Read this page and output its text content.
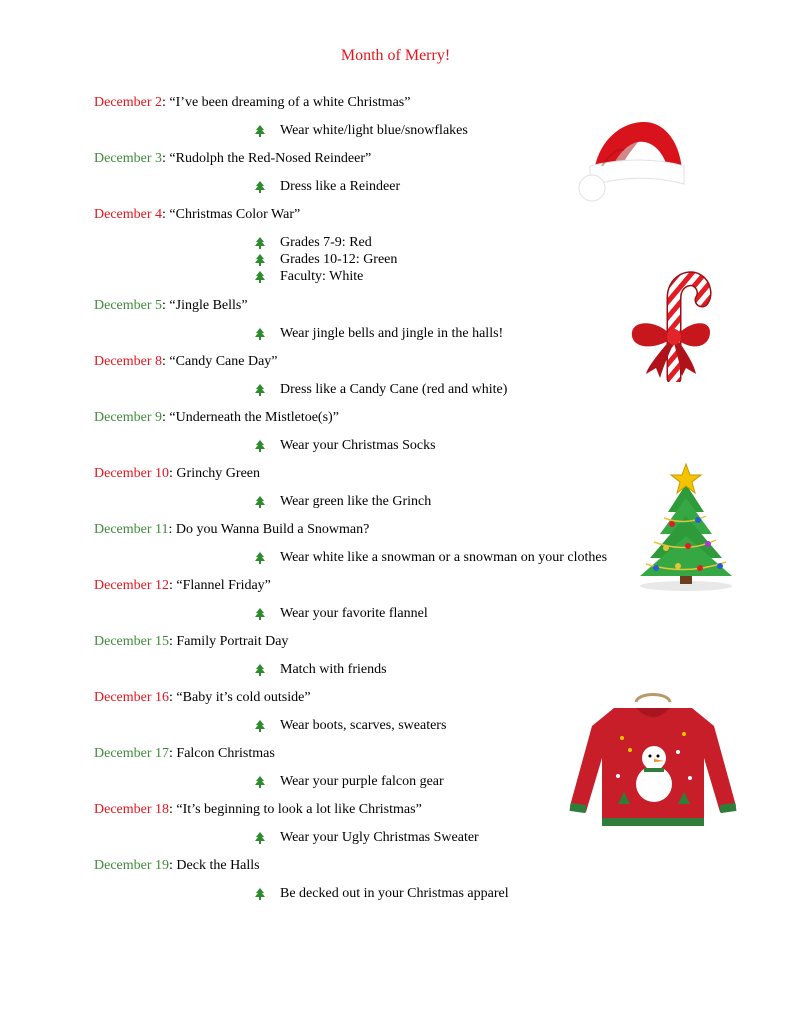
Month of Merry!
December 2: “I’ve been dreaming of a white Christmas”
Wear white/light blue/snowflakes
December 3: “Rudolph the Red-Nosed Reindeer”
Dress like a Reindeer
December 4: “Christmas Color War”
Grades 7-9: Red
Grades 10-12: Green
Faculty: White
December 5: “Jingle Bells”
Wear jingle bells and jingle in the halls!
December 8: “Candy Cane Day”
Dress like a Candy Cane (red and white)
December 9: “Underneath the Mistletoe(s)”
Wear your Christmas Socks
December 10: Grinchy Green
Wear green like the Grinch
December 11: Do you Wanna Build a Snowman?
Wear white like a snowman or a snowman on your clothes
December 12: “Flannel Friday”
Wear your favorite flannel
December 15: Family Portrait Day
Match with friends
December 16: “Baby it’s cold outside”
Wear boots, scarves, sweaters
December 17: Falcon Christmas
Wear your purple falcon gear
December 18: “It’s beginning to look a lot like Christmas”
Wear your Ugly Christmas Sweater
December 19: Deck the Halls
Be decked out in your Christmas apparel
